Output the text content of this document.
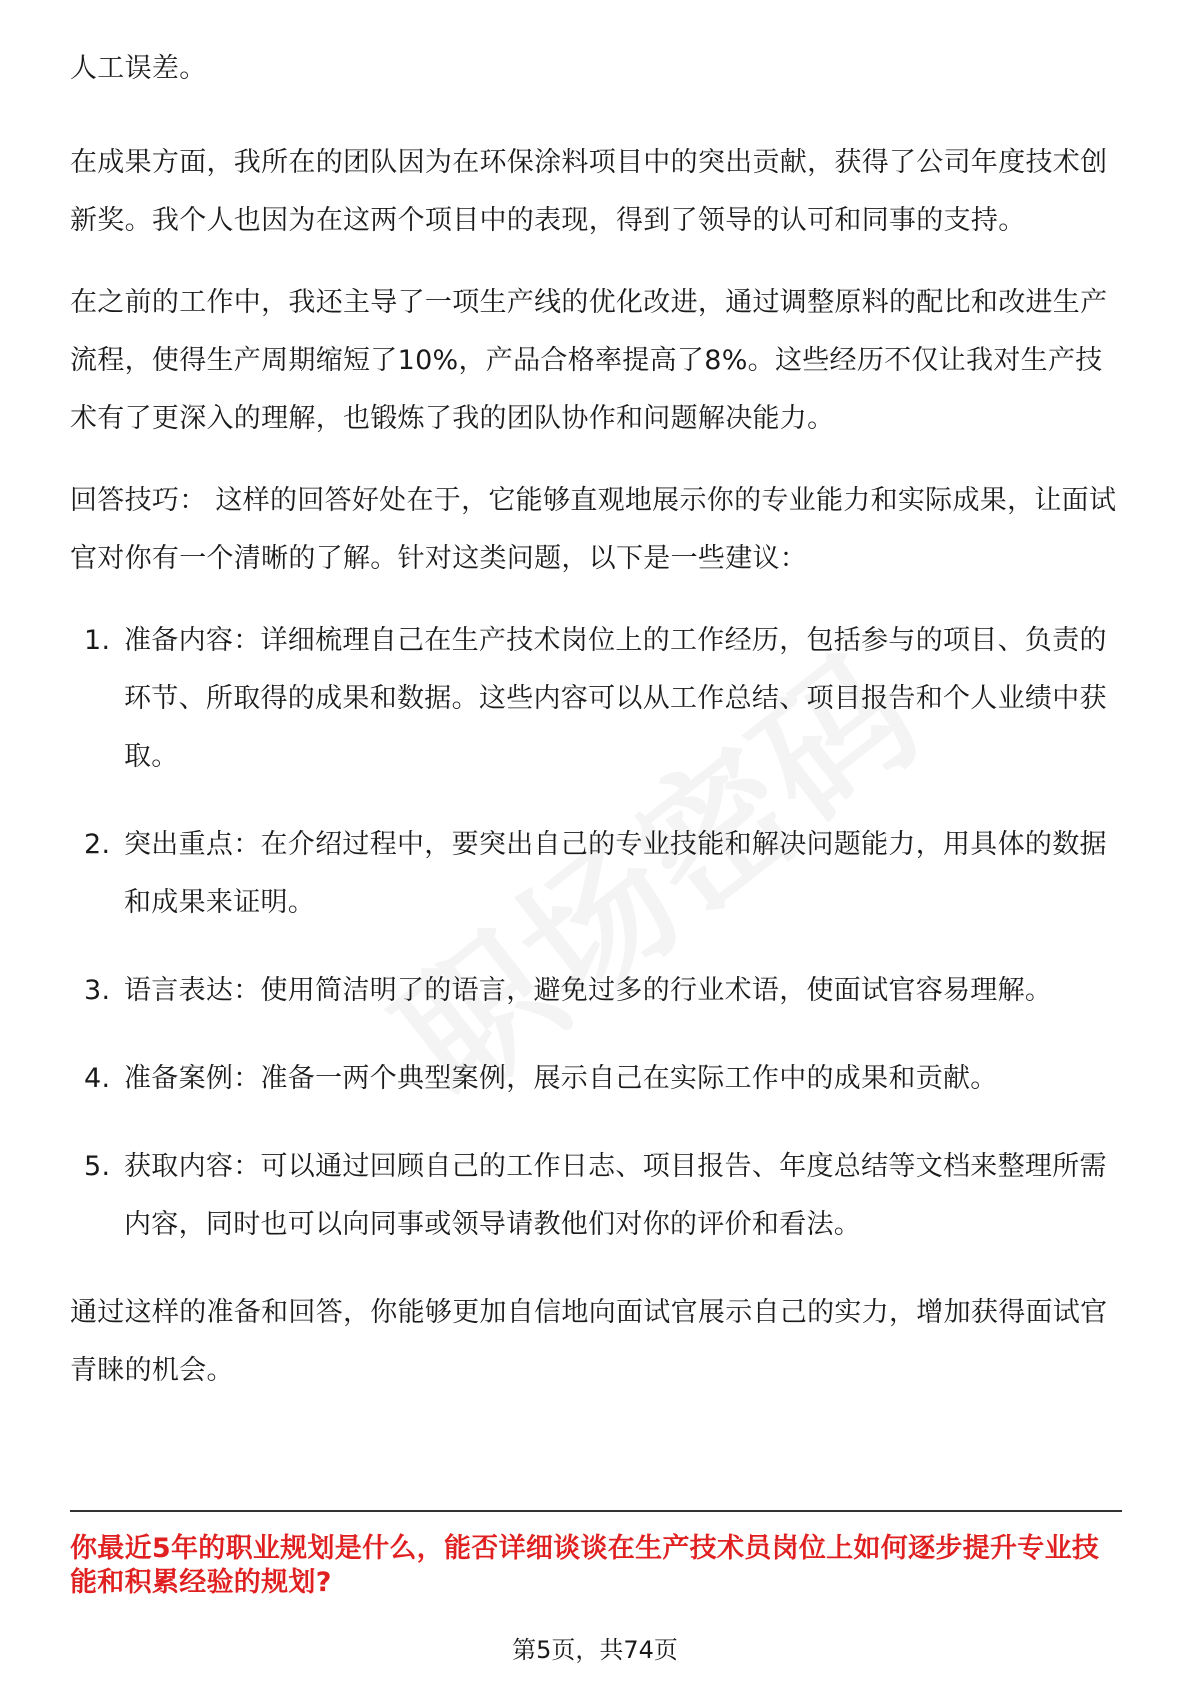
人工误差。

在成果方面，我所在的团队因为在环保涂料项目中的突出贡献，获得了公司年度技术创新奖。我个人也因为在这两个项目中的表现，得到了领导的认可和同事的支持。

在之前的工作中，我还主导了一项生产线的优化改进，通过调整原料的配比和改进生产流程，使得生产周期缩短了10%，产品合格率提高了8%。这些经历不仅让我对生产技术有了更深入的理解，也锻炼了我的团队协作和问题解决能力。

回答技巧： 这样的回答好处在于，它能够直观地展示你的专业能力和实际成果，让面试官对你有一个清晰的了解。针对这类问题，以下是一些建议：

1. 准备内容：详细梳理自己在生产技术岗位上的工作经历，包括参与的项目、负责的环节、所取得的成果和数据。这些内容可以从工作总结、项目报告和个人业绩中获取。
2. 突出重点：在介绍过程中，要突出自己的专业技能和解决问题能力，用具体的数据和成果来证明。
3. 语言表达：使用简洁明了的语言，避免过多的行业术语，使面试官容易理解。
4. 准备案例：准备一两个典型案例，展示自己在实际工作中的成果和贡献。
5. 获取内容：可以通过回顾自己的工作日志、项目报告、年度总结等文档来整理所需内容，同时也可以向同事或领导请教他们对你的评价和看法。

通过这样的准备和回答，你能够更加自信地向面试官展示自己的实力，增加获得面试官青睐的机会。

你最近5年的职业规划是什么，能否详细谈谈在生产技术员岗位上如何逐步提升专业技能和积累经验的规划?
第5页，共74页
